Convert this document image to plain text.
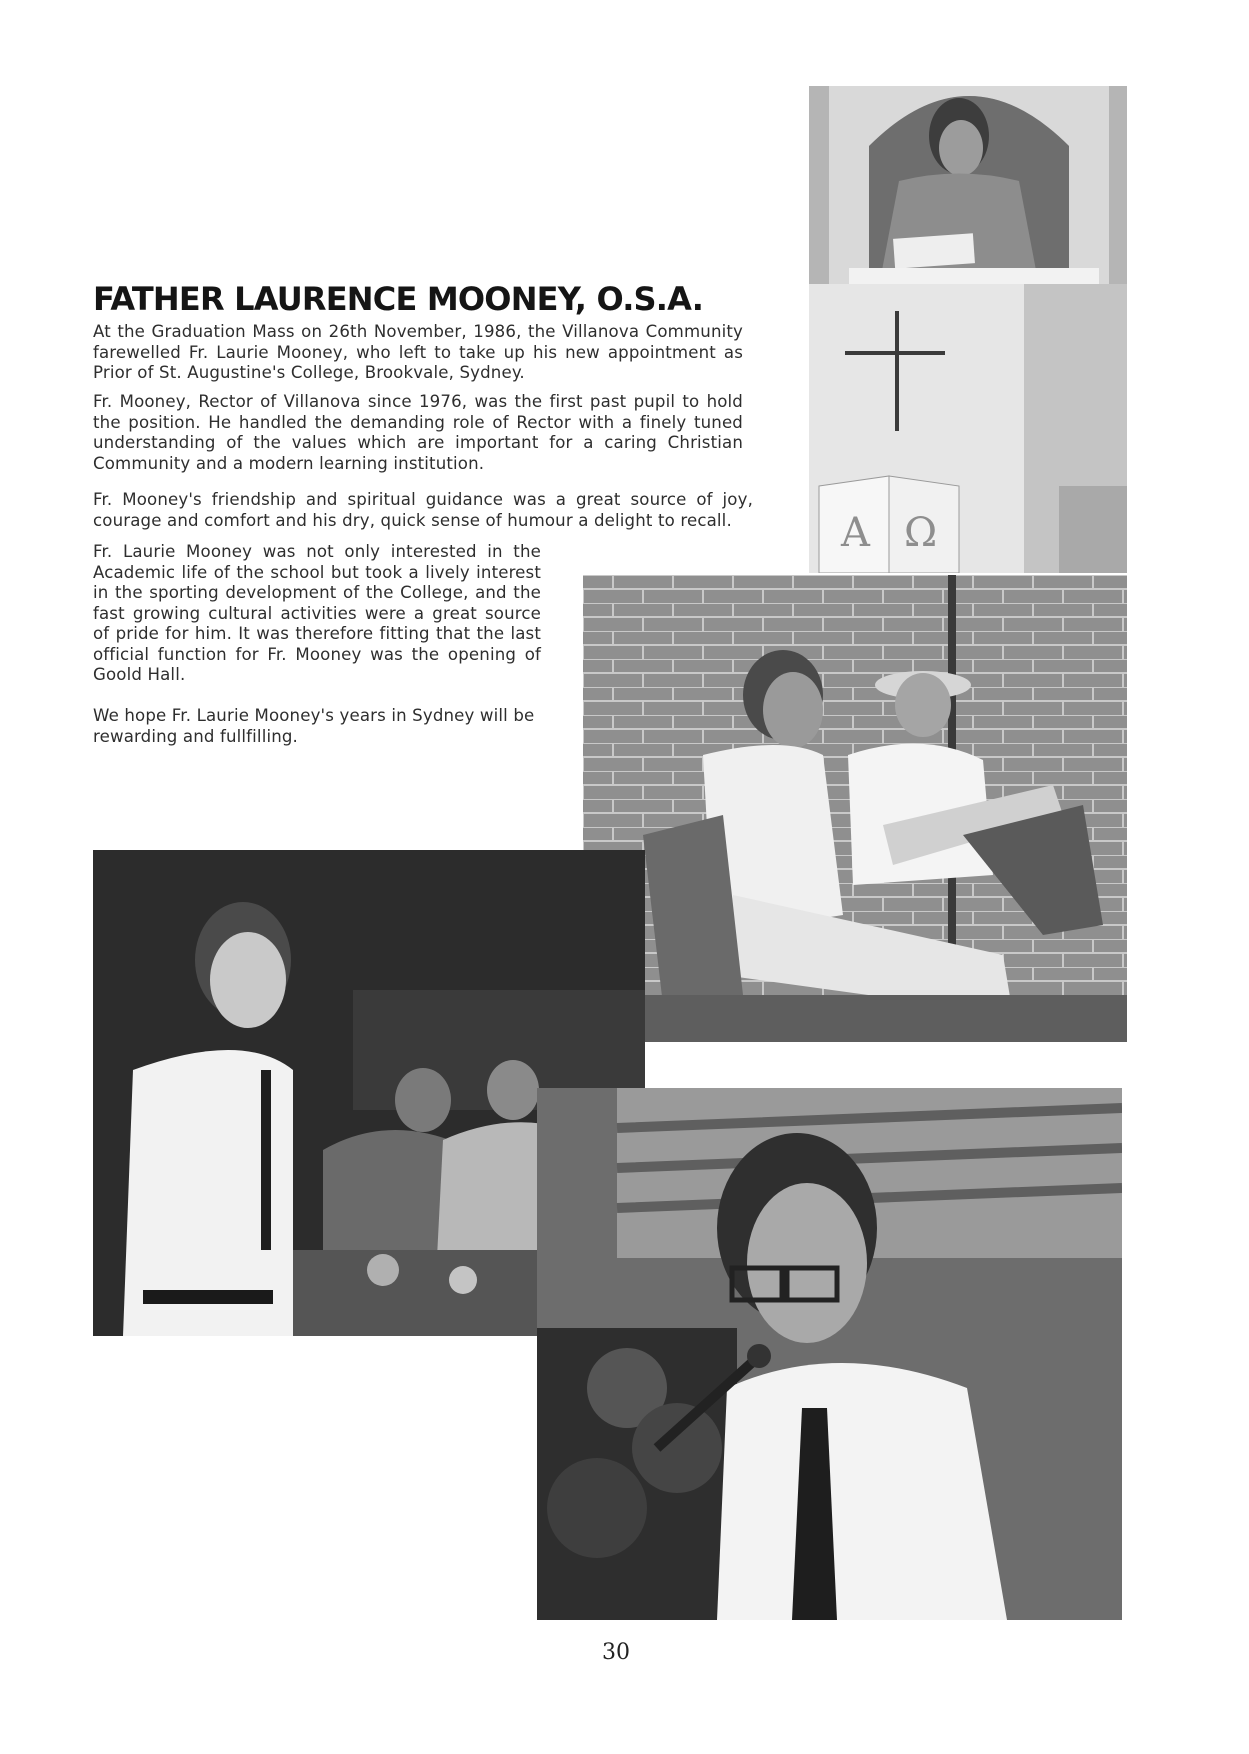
A Ω
FATHER LAURENCE MOONEY, O.S.A.

At the Graduation Mass on 26th November, 1986, the Villanova Community farewelled Fr. Laurie Mooney, who left to take up his new appointment as Prior of St. Augustine's College, Brookvale, Sydney.

Fr. Mooney, Rector of Villanova since 1976, was the first past pupil to hold the position. He handled the demanding role of Rector with a finely tuned understanding of the values which are important for a caring Christian Community and a modern learning institution.

Fr. Mooney's friendship and spiritual guidance was a great source of joy, courage and comfort and his dry, quick sense of humour a delight to recall.

Fr. Laurie Mooney was not only interested in the Academic life of the school but took a lively interest in the sporting development of the College, and the fast growing cultural activities were a great source of pride for him. It was therefore fitting that the last official function for Fr. Mooney was the opening of Goold Hall.

We hope Fr. Laurie Mooney's years in Sydney will be rewarding and fullfilling.

30
